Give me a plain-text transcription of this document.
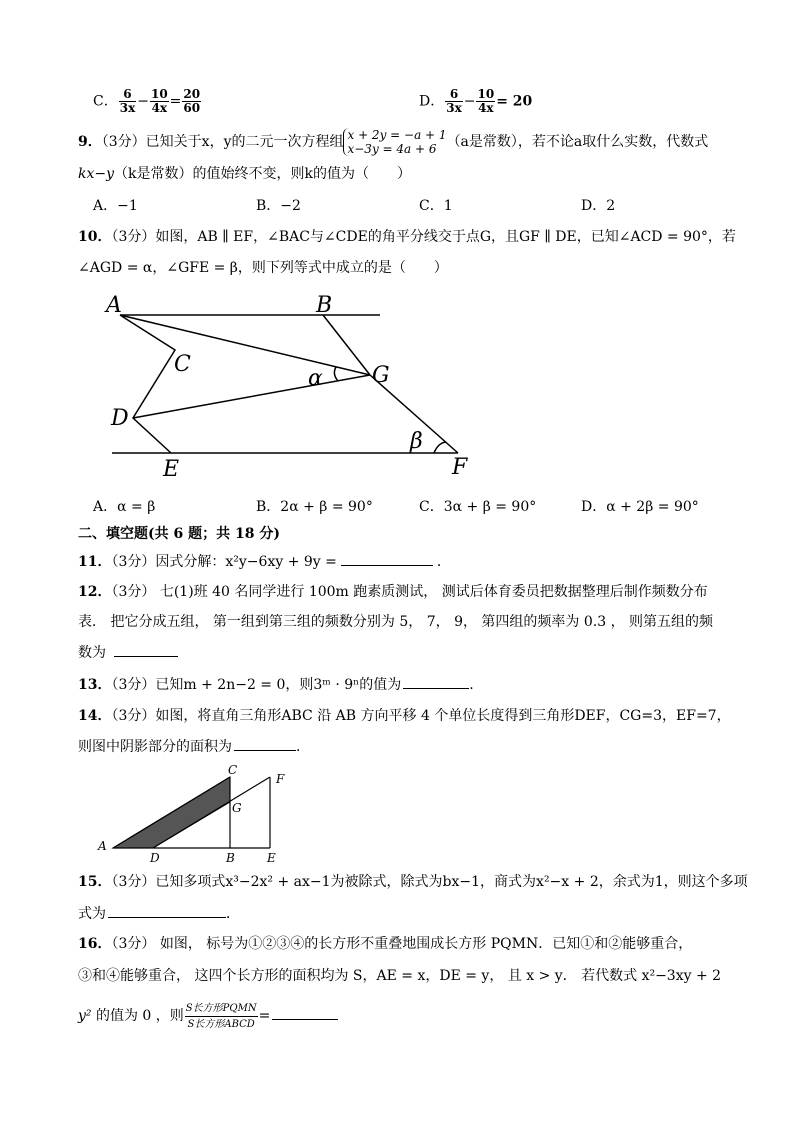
C． $\frac{6}{3x} - \frac{10}{4x} = \frac{20}{60}$	D． $\frac{6}{3x} - \frac{10}{4x} = 20$
9．（3分）已知关于x，y的二元一次方程组 x + 2y = −a + 1
x−3y = 4a + 6 （a是常数），若不论a取什么实数，代数式
kx−y（k是常数）的值始终不变，则k的值为（　　）
A．−1	B．−2	C．1	D．2
10．（3分）如图，AB ∥ EF，∠BAC与∠CDE的角平分线交于点G，且GF ∥ DE，已知∠ACD = 90°，若
∠AGD = α，∠GFE = β，则下列等式中成立的是（　　）
A	B
C	G
D
E	F
α
β
A．α = β	B．2α + β = 90°	C．3α + β = 90°	D．α + 2β = 90°
二、填空题(共 6 题；共 18 分)
11．（3分）因式分解：x²y−6xy + 9y =	．
12．（3分） 七(1)班 40 名同学进行 100m 跑素质测试， 测试后体育委员把数据整理后制作频数分布
表． 把它分成五组， 第一组到第三组的频数分别为 5， 7， 9， 第四组的频率为 0.3 ， 则第五组的频
数为
13．（3分）已知m + 2n−2 = 0，则3ᵐ · 9ⁿ的值为	.
14．（3分）如图，将直角三角形ABC 沿 AB 方向平移 4 个单位长度得到三角形DEF，CG=3，EF=7，
则图中阴影部分的面积为	．
C
F
G
A
D	B	E
15．（3分）已知多项式x³−2x² + ax−1为被除式，除式为bx−1，商式为x²−x + 2，余式为1，则这个多项
式为	．
16．（3分） 如图， 标号为①②③④的长方形不重叠地围成长方形 PQMN．已知①和②能够重合，
③和④能够重合， 这四个长方形的面积均为 S，AE = x，DE = y， 且 x > y． 若代数式 x²−3xy + 2
y² 的值为 0 ，则 $\frac{\text{S长方形PQMN}}{\text{S长方形ABCD}}$ =
